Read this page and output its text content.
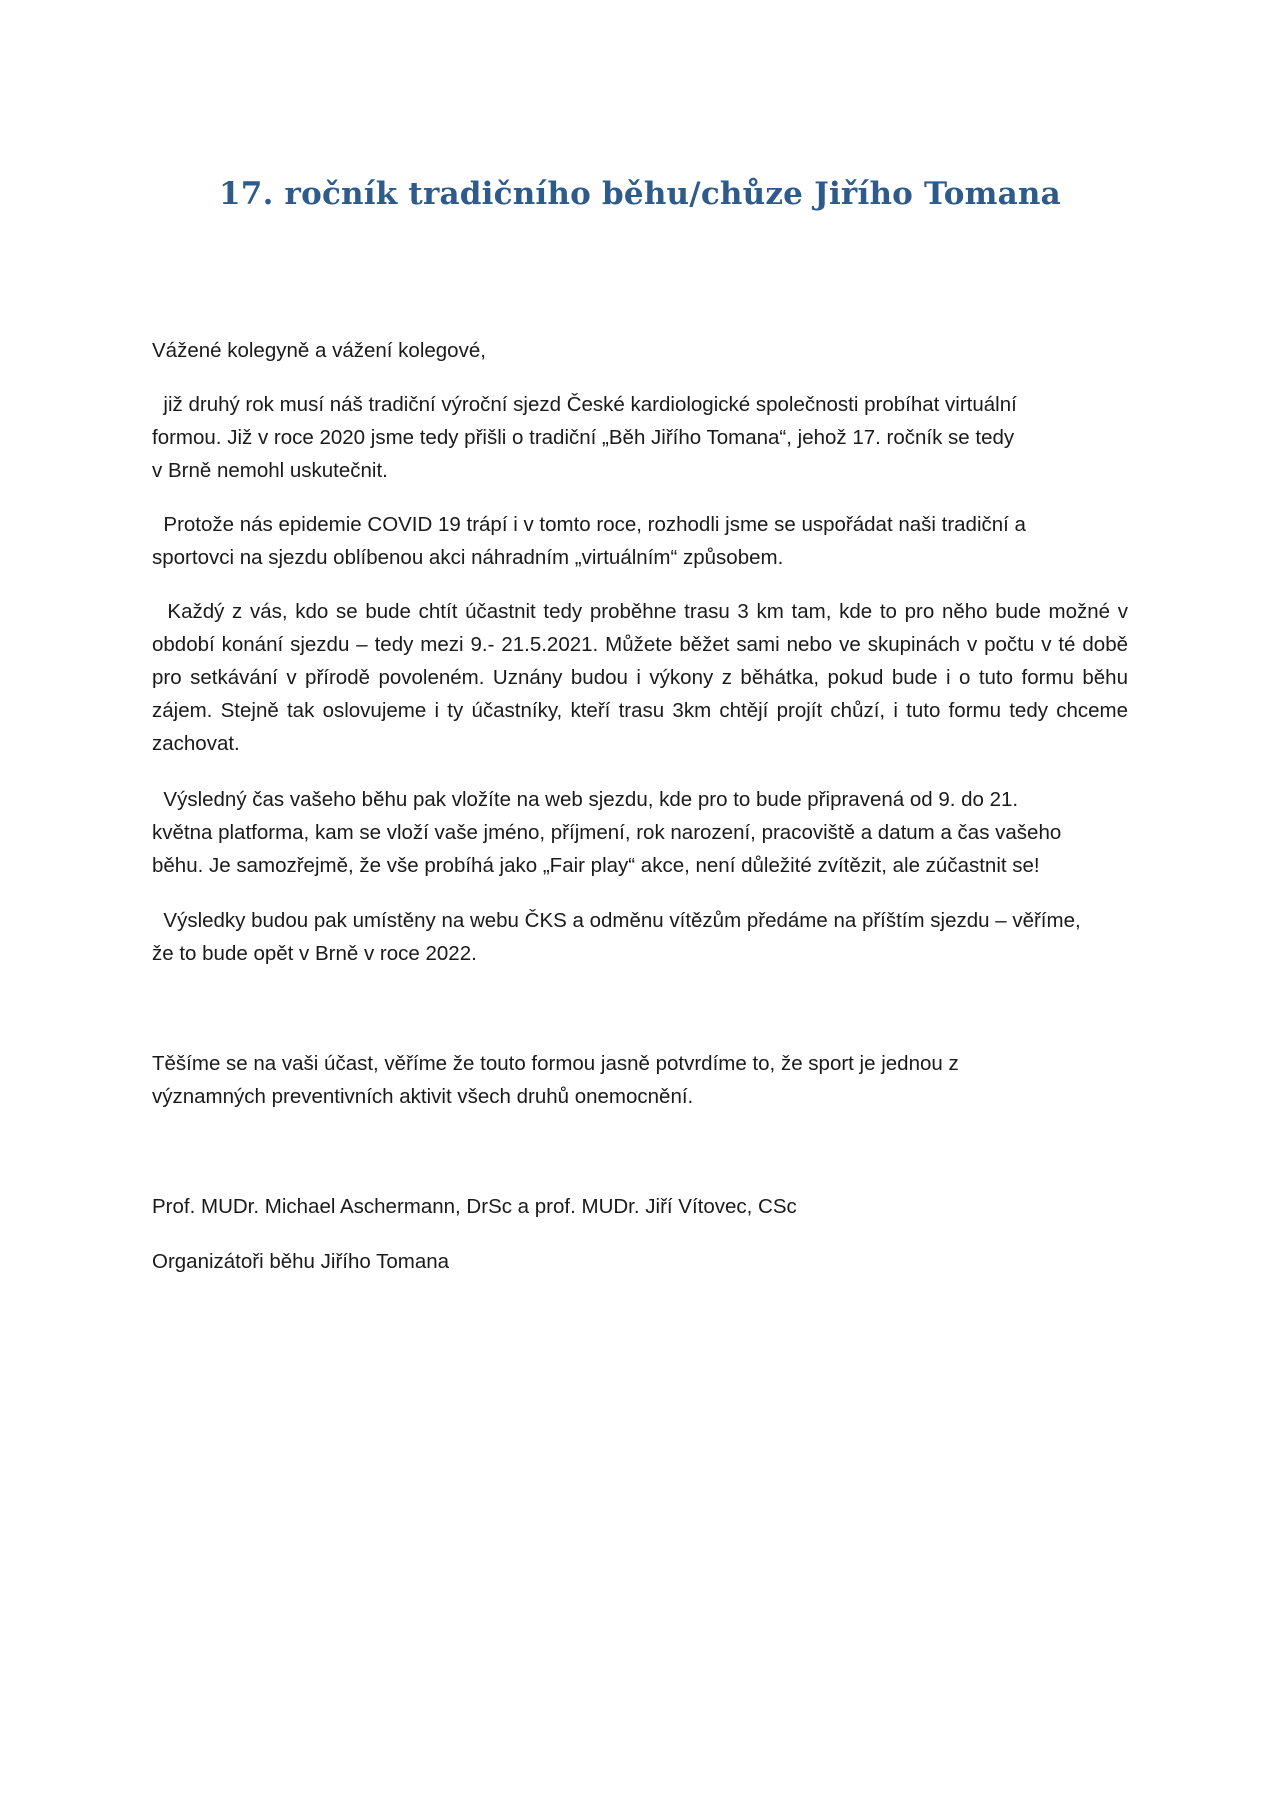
17. ročník tradičního běhu/chůze Jiřího Tomana

Vážené kolegyně a vážení kolegové,

již druhý rok musí náš tradiční výroční sjezd České kardiologické společnosti probíhat virtuální
formou. Již v roce 2020 jsme tedy přišli o tradiční „Běh Jiřího Tomana“, jehož 17. ročník se tedy
v Brně nemohl uskutečnit.

Protože nás epidemie COVID 19 trápí i v tomto roce, rozhodli jsme se uspořádat naši tradiční a
sportovci na sjezdu oblíbenou akci náhradním „virtuálním“ způsobem.

Každý z vás, kdo se bude chtít účastnit tedy proběhne trasu 3 km tam, kde to pro něho bude možné v období konání sjezdu – tedy mezi 9.- 21.5.2021. Můžete běžet sami nebo ve skupinách v počtu v té době pro setkávání v přírodě povoleném. Uznány budou i výkony z běhátka, pokud bude i o tuto formu běhu zájem. Stejně tak oslovujeme i ty účastníky, kteří trasu 3km chtějí projít chůzí, i tuto formu tedy chceme zachovat.

Výsledný čas vašeho běhu pak vložíte na web sjezdu, kde pro to bude připravená od 9. do 21.
května platforma, kam se vloží vaše jméno, příjmení, rok narození, pracoviště a datum a čas vašeho
běhu. Je samozřejmě, že vše probíhá jako „Fair play“ akce, není důležité zvítězit, ale zúčastnit se!

Výsledky budou pak umístěny na webu ČKS a odměnu vítězům předáme na příštím sjezdu – věříme,
že to bude opět v Brně v roce 2022.

Těšíme se na vaši účast, věříme že touto formou jasně potvrdíme to, že sport je jednou z
významných preventivních aktivit všech druhů onemocnění.

Prof. MUDr. Michael Aschermann, DrSc a prof. MUDr. Jiří Vítovec, CSc

Organizátoři běhu Jiřího Tomana
